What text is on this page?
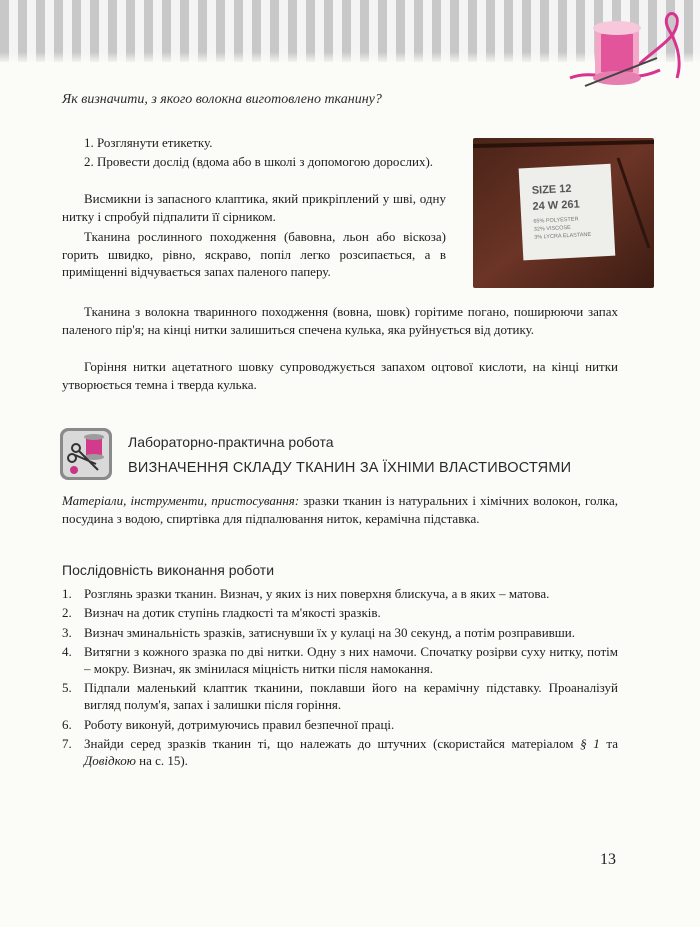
Як визначити, з якого волокна виготовлено тканину?

1. Розглянути етикетку.

2. Провести дослід (вдома або в школі з допомогою дорослих).

Висмикни із запасного клаптика, який прикріплений у шві, одну нитку і спробуй підпалити її сірником.

Тканина рослинного походження (бавовна, льон або віскоза) горить швидко, рівно, яскраво, попіл легко розсипається, а в приміщенні відчувається запах паленого паперу.

SIZE 12
24 W 261
65% POLYESTER
32% VISCOSE
3% LYCRA ELASTANE

Тканина з волокна тваринного походження (вовна, шовк) горітиме погано, поширюючи запах паленого пір'я; на кінці нитки залишиться спечена кулька, яка руйнується від дотику.

Горіння нитки ацетатного шовку супроводжується запахом оцтової кислоти, на кінці нитки утворюється темна і тверда кулька.

Лабораторно-практична робота
ВИЗНАЧЕННЯ СКЛАДУ ТКАНИН ЗА ЇХНІМИ ВЛАСТИВОСТЯМИ

Матеріали, інструменти, пристосування: зразки тканин із натуральних і хімічних волокон, голка, посудина з водою, спиртівка для підпалювання ниток, керамічна підставка.

Послідовність виконання роботи
1. Розглянь зразки тканин. Визнач, у яких із них поверхня блискуча, а в яких – матова.
2. Визнач на дотик ступінь гладкості та м'якості зразків.
3. Визнач зминальність зразків, затиснувши їх у кулаці на 30 секунд, а потім розправивши.
4. Витягни з кожного зразка по дві нитки. Одну з них намочи. Спочатку розірви суху нитку, потім – мокру. Визнач, як змінилася міцність нитки після намокання.
5. Підпали маленький клаптик тканини, поклавши його на керамічну підставку. Проаналізуй вигляд полум'я, запах і залишки після горіння.
6. Роботу виконуй, дотримуючись правил безпечної праці.
7. Знайди серед зразків тканин ті, що належать до штучних (скористайся матеріалом § 1 та Довідкою на с. 15).
13
